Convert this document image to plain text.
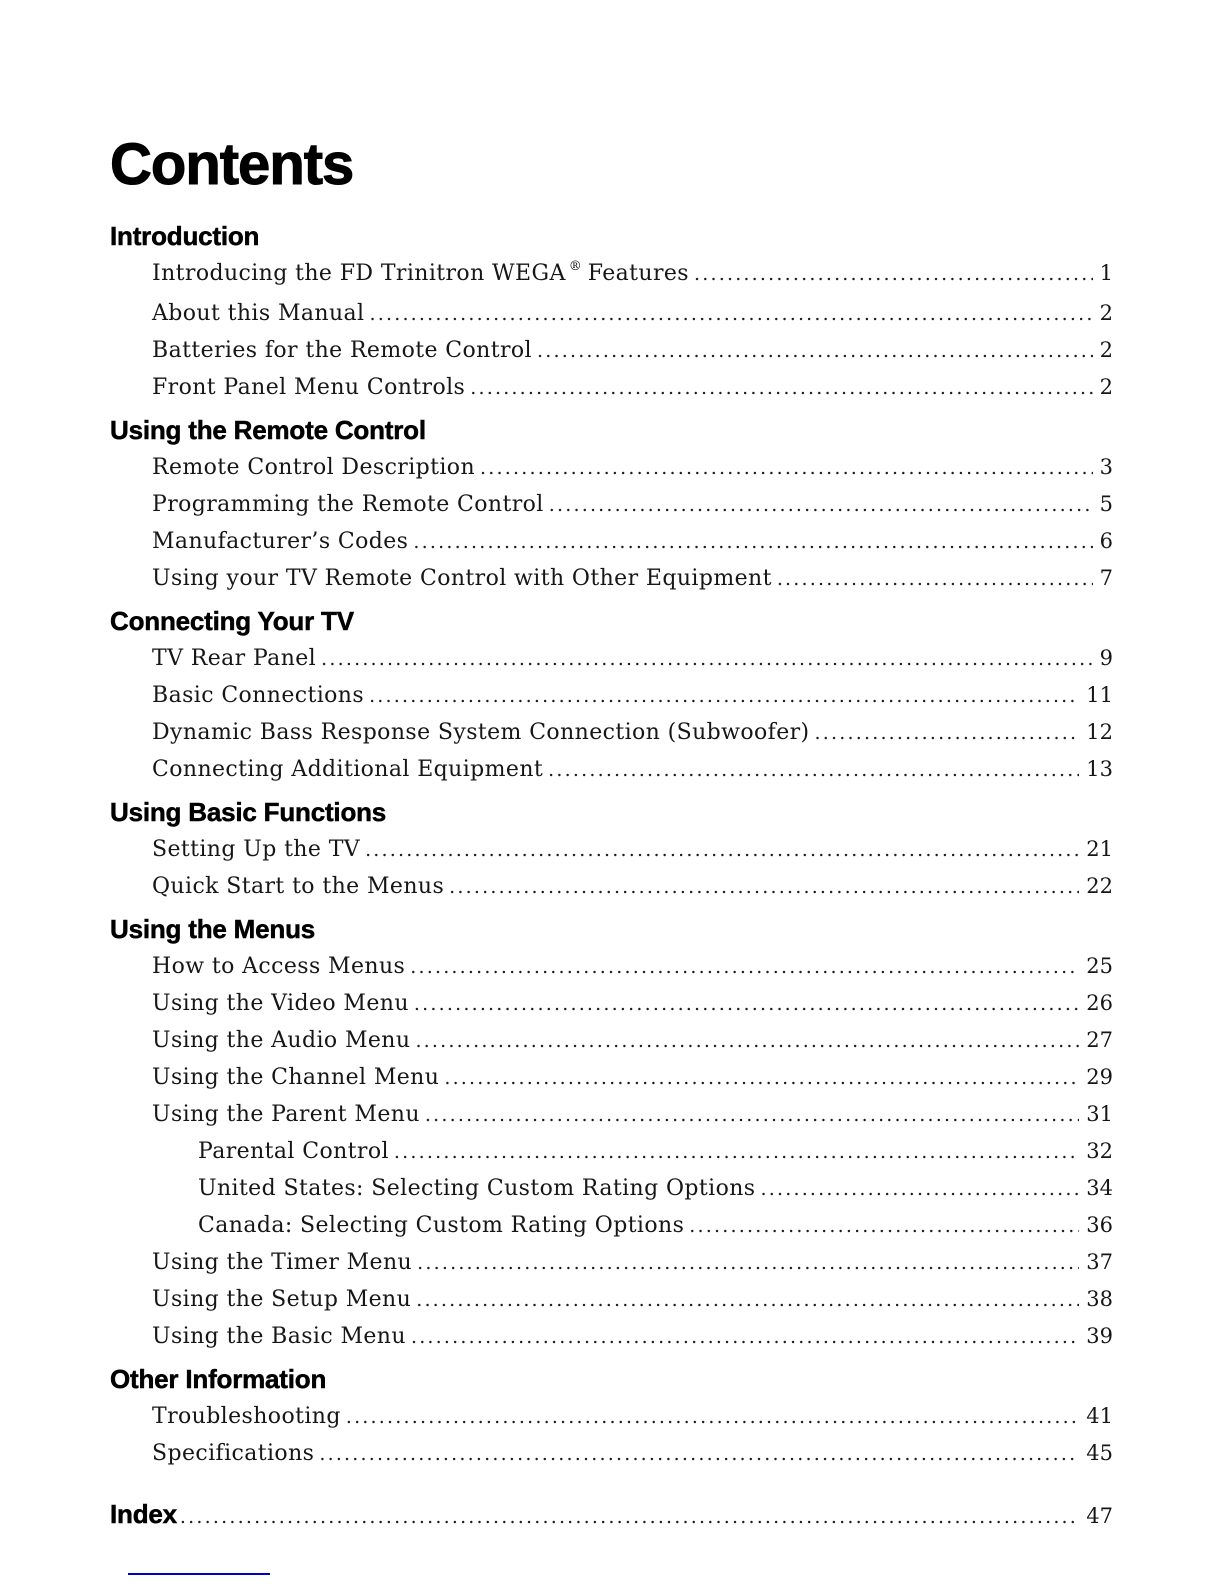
Contents
Introduction
Introducing the FD Trinitron WEGA® Features .....	1
About this Manual .....	2
Batteries for the Remote Control .....	2
Front Panel Menu Controls .....	2
Using the Remote Control
Remote Control Description .....	3
Programming the Remote Control .....	5
Manufacturer’s Codes .....	6
Using your TV Remote Control with Other Equipment .....	7
Connecting Your TV
TV Rear Panel .....	9
Basic Connections .....	11
Dynamic Bass Response System Connection (Subwoofer) .....	12
Connecting Additional Equipment .....	13
Using Basic Functions
Setting Up the TV .....	21
Quick Start to the Menus .....	22
Using the Menus
How to Access Menus .....	25
Using the Video Menu .....	26
Using the Audio Menu .....	27
Using the Channel Menu .....	29
Using the Parent Menu .....	31
Parental Control .....	32
United States: Selecting Custom Rating Options .....	34
Canada: Selecting Custom Rating Options .....	36
Using the Timer Menu .....	37
Using the Setup Menu .....	38
Using the Basic Menu .....	39
Other Information
Troubleshooting .....	41
Specifications .....	45
Index .....	47
